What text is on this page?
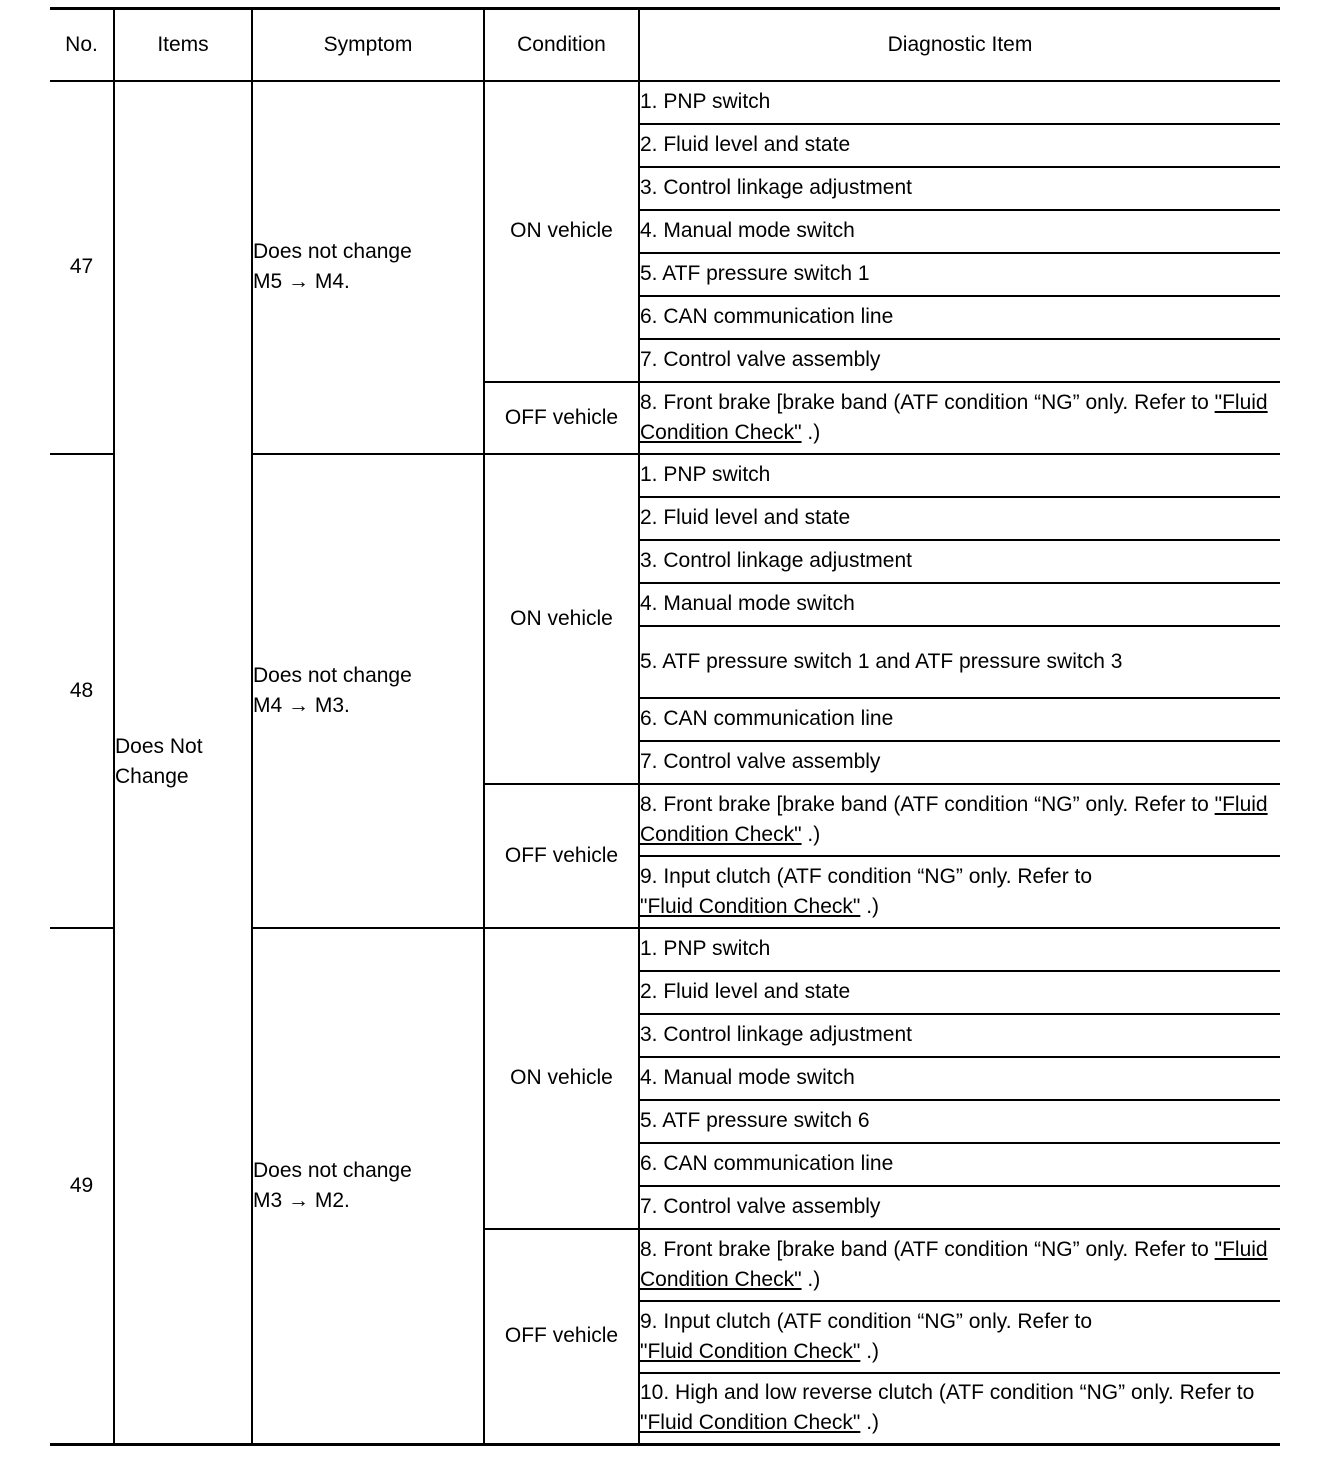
No.	Items	Symptom	Condition	Diagnostic Item
47	Does Not Change	Does not change
M5 → M4.	ON vehicle	1. PNP switch
				2. Fluid level and state
				3. Control linkage adjustment
				4. Manual mode switch
				5. ATF pressure switch 1
				6. CAN communication line
				7. Control valve assembly
			OFF vehicle	8. Front brake [brake band (ATF condition “NG” only. Refer to "Fluid Condition Check" .)
48		Does not change
M4 → M3.	ON vehicle	1. PNP switch
				2. Fluid level and state
				3. Control linkage adjustment
				4. Manual mode switch
				5. ATF pressure switch 1 and ATF pressure switch 3
				6. CAN communication line
				7. Control valve assembly
			OFF vehicle	8. Front brake [brake band (ATF condition “NG” only. Refer to "Fluid Condition Check" .)
				9. Input clutch (ATF condition “NG” only. Refer to
"Fluid Condition Check" .)
49		Does not change
M3 → M2.	ON vehicle	1. PNP switch
				2. Fluid level and state
				3. Control linkage adjustment
				4. Manual mode switch
				5. ATF pressure switch 6
				6. CAN communication line
				7. Control valve assembly
			OFF vehicle	8. Front brake [brake band (ATF condition “NG” only. Refer to "Fluid Condition Check" .)
				9. Input clutch (ATF condition “NG” only. Refer to
"Fluid Condition Check" .)
				10. High and low reverse clutch (ATF condition “NG” only. Refer to "Fluid Condition Check" .)
